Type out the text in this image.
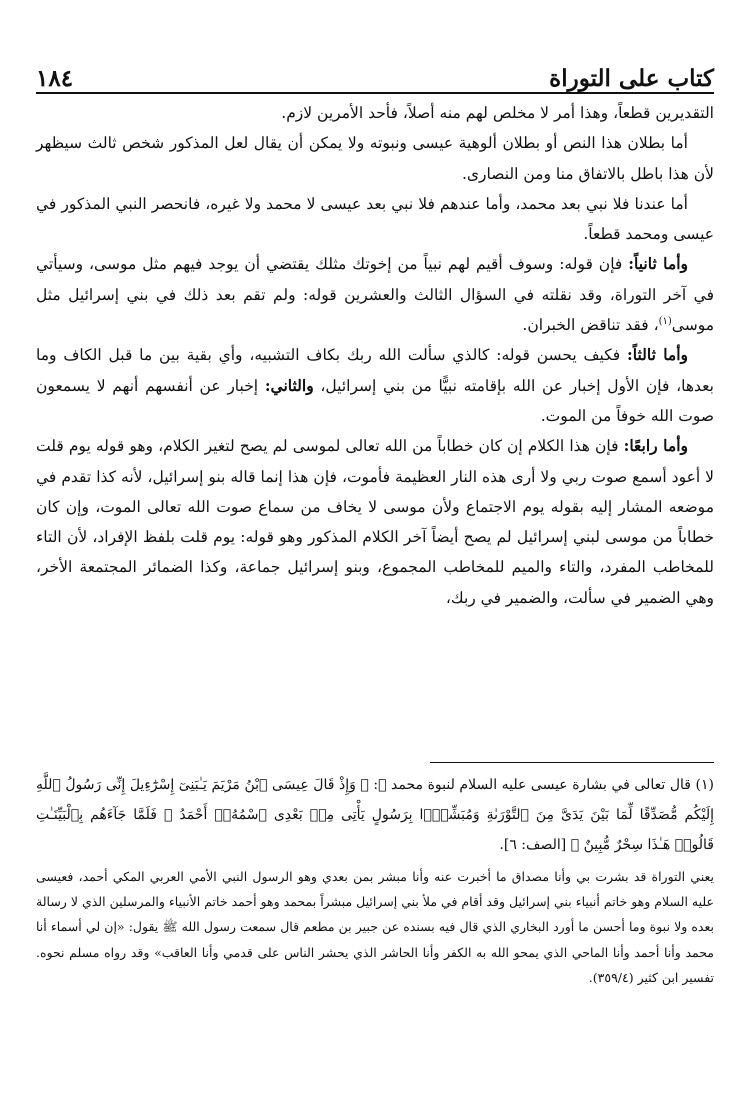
١٨٤	كتاب على التوراة

التقديرين قطعاً، وهذا أمر لا مخلص لهم منه أصلاً، فأحد الأمرين لازم.

أما بطلان هذا النص أو بطلان ألوهية عيسى ونبوته ولا يمكن أن يقال لعل المذكور شخص ثالث سيظهر لأن هذا باطل بالاتفاق منا ومن النصارى.

أما عندنا فلا نبي بعد محمد، وأما عندهم فلا نبي بعد عيسى لا محمد ولا غيره، فانحصر النبي المذكور في عيسى ومحمد قطعاً.

وأما ثانياً: فإن قوله: وسوف أقيم لهم نبياً من إخوتك مثلك يقتضي أن يوجد فيهم مثل موسى، وسيأتي في آخر التوراة، وقد نقلته في السؤال الثالث والعشرين قوله: ولم تقم بعد ذلك في بني إسرائيل مثل موسى$^{(١)}$، فقد تناقض الخبران.

وأما ثالثاً: فكيف يحسن قوله: كالذي سألت الله ربك بكاف التشبيه، وأي بقية بين ما قبل الكاف وما بعدها، فإن الأول إخبار عن الله بإقامته نبيًّا من بني إسرائيل، والثاني: إخبار عن أنفسهم أنهم لا يسمعون صوت الله خوفاً من الموت.

وأما رابعًا: فإن هذا الكلام إن كان خطاباً من الله تعالى لموسى لم يصح لتغير الكلام، وهو قوله يوم قلت لا أعود أسمع صوت ربي ولا أرى هذه النار العظيمة فأموت، فإن هذا إنما قاله بنو إسرائيل، لأنه كذا تقدم في موضعه المشار إليه بقوله يوم الاجتماع ولأن موسى لا يخاف من سماع صوت الله تعالى الموت، وإن كان خطاباً من موسى لبني إسرائيل لم يصح أيضاً آخر الكلام المذكور وهو قوله: يوم قلت بلفظ الإفراد، لأن التاء للمخاطب المفرد، والتاء والميم للمخاطب المجموع، وبنو إسرائيل جماعة، وكذا الضمائر المجتمعة الأخر، وهي الضمير في سألت، والضمير في ربك،

(١) قال تعالى في بشارة عيسى عليه السلام لنبوة محمد ﷺ: ﴿ وَإِذْ قَالَ عِيسَى ٱبْنُ مَرْيَمَ يَـٰبَنِىٓ إِسْرَٰٓءِيلَ إِنِّى رَسُولُ ٱللَّهِ إِلَيْكُم مُّصَدِّقًا لِّمَا بَيْنَ يَدَىَّ مِنَ ٱلتَّوْرَىٰةِ وَمُبَشِّرًۢا بِرَسُولٍ يَأْتِى مِنۢ بَعْدِى ٱسْمُهُۥٓ أَحْمَدُ ۖ فَلَمَّا جَآءَهُم بِٱلْبَيِّنَـٰتِ قَالُوا۟ هَـٰذَا سِحْرٌ مُّبِينٌ ﴾ [الصف: ٦].

يعني التوراة قد بشرت بي وأنا مصداق ما أخبرت عنه وأنا مبشر بمن بعدي وهو الرسول النبي الأمي العربي المكي أحمد، فعيسى عليه السلام وهو خاتم أنبياء بني إسرائيل وقد أقام في ملأ بني إسرائيل مبشراً بمحمد وهو أحمد خاتم الأنبياء والمرسلين الذي لا رسالة بعده ولا نبوة وما أحسن ما أورد البخاري الذي قال فيه بسنده عن جبير بن مطعم قال سمعت رسول الله ﷺ يقول: «إن لي أسماء أنا محمد وأنا أحمد وأنا الماحي الذي يمحو الله به الكفر وأنا الحاشر الذي يحشر الناس على قدمي وأنا العاقب» وقد رواه مسلم نحوه. تفسير ابن كثير (٣٥٩/٤).
